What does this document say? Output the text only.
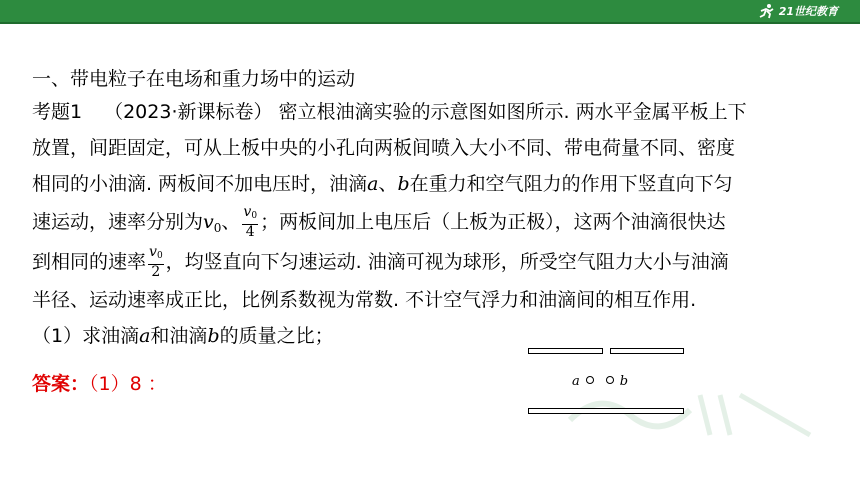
21世纪教育
一、带电粒子在电场和重力场中的运动
考题1 （2023·新课标卷） 密立根油滴实验的示意图如图所示. 两水平金属平板上下
放置，间距固定，可从上板中央的小孔向两板间喷入大小不同、带电荷量不同、密度
相同的小油滴. 两板间不加电压时，油滴a、b在重力和空气阻力的作用下竖直向下匀
速运动，速率分别为$v_0$、 $\frac{v_0}{4}$ ；两板间加上电压后（上板为正极），这两个油滴很快达
到相同的速率 $\frac{v_0}{2}$ ，均竖直向下匀速运动. 油滴可视为球形，所受空气阻力大小与油滴
半径、运动速率成正比，比例系数视为常数. 不计空气浮力和油滴间的相互作用.
（1）求油滴a和油滴b的质量之比；
答案：（1）8 ：	a	b
